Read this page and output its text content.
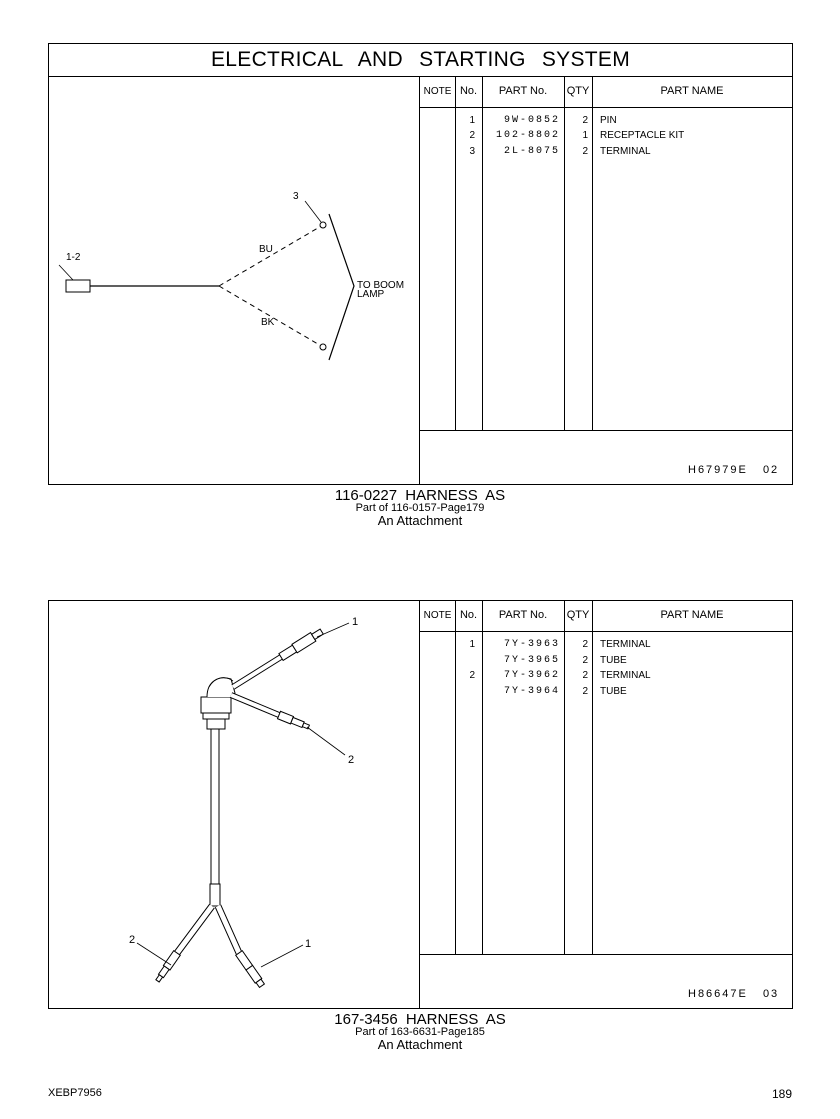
ELECTRICAL AND STARTING SYSTEM
NOTE No.	PART No.	QTY	PART NAME
1	9W-0852	2 PIN
2	102-8802	1 RECEPTACLE KIT
3	2L-8075	2 TERMINAL
H67979E 02
1-2
3
BU
BK
TO BOOM
LAMP
116-0227 HARNESS AS
Part of 116-0157-Page179
An Attachment
NOTE No.	PART No.	QTY	PART NAME
1	7Y-3963	2 TERMINAL
7Y-3965	2 TUBE
2	7Y-3962	2 TERMINAL
7Y-3964	2 TUBE
H86647E 03
1
2
2	1
167-3456 HARNESS AS
Part of 163-6631-Page185
An Attachment
XEBP7956	189
